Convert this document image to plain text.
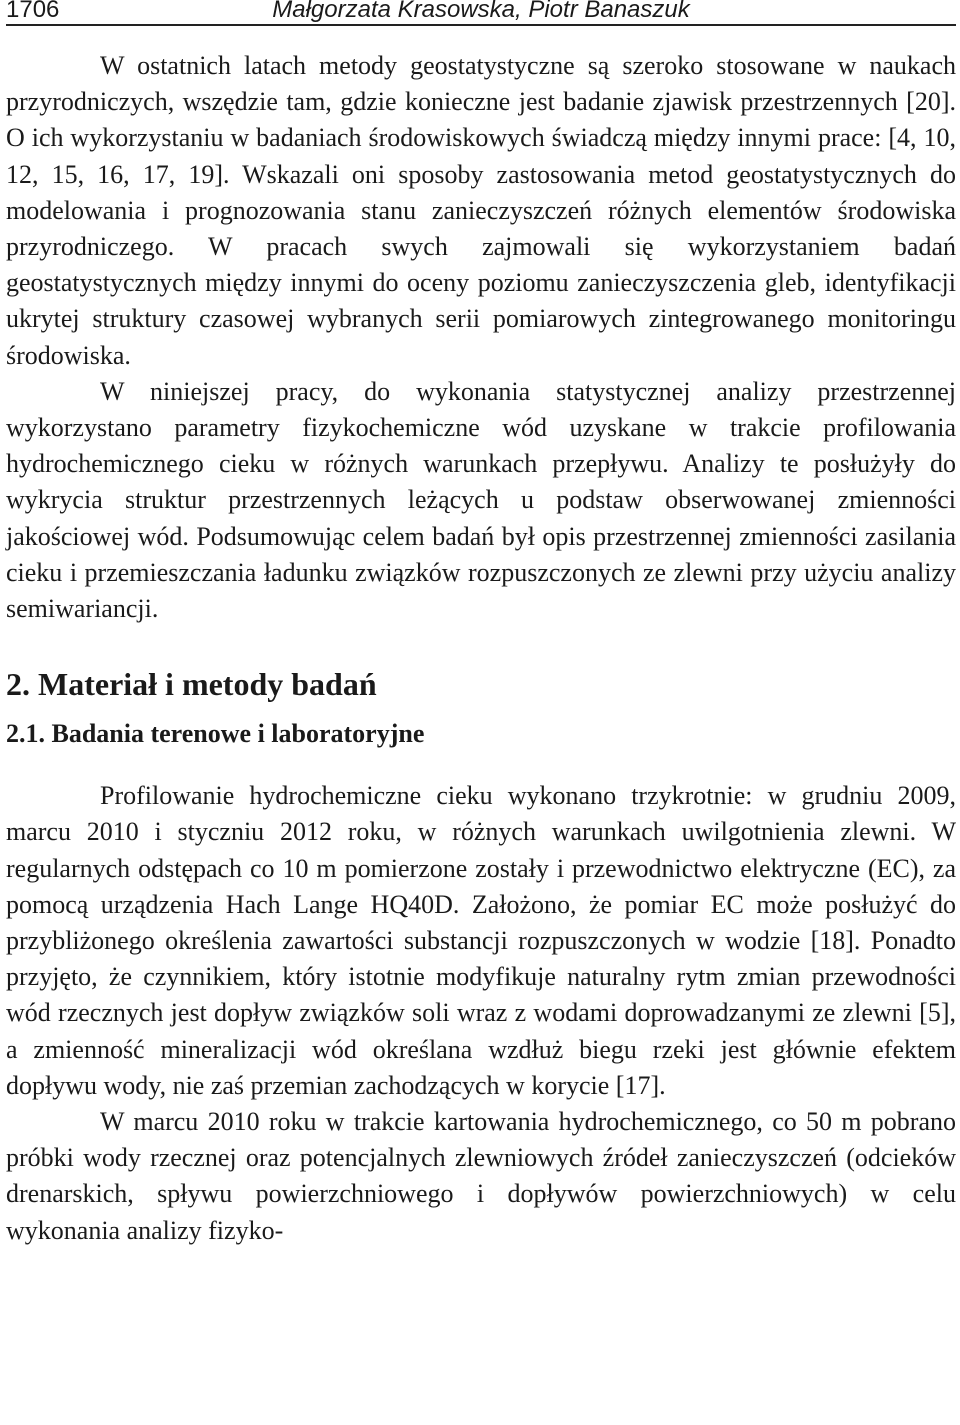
1706	Małgorzata Krasowska, Piotr Banaszuk

W ostatnich latach metody geostatystyczne są szeroko stosowane w naukach przyrodniczych, wszędzie tam, gdzie konieczne jest badanie zjawisk przestrzennych [20]. O ich wykorzystaniu w badaniach środowiskowych świadczą między innymi prace: [4, 10, 12, 15, 16, 17, 19]. Wskazali oni sposoby zastosowania metod geostatystycznych do modelowania i prognozowania stanu zanieczyszczeń różnych elementów środowiska przyrodniczego. W pracach swych zajmowali się wykorzystaniem badań geostatystycznych między innymi do oceny poziomu zanieczyszczenia gleb, identyfikacji ukrytej struktury czasowej wybranych serii pomiarowych zintegrowanego monitoringu środowiska.

W niniejszej pracy, do wykonania statystycznej analizy przestrzennej wykorzystano parametry fizykochemiczne wód uzyskane w trakcie profilowania hydrochemicznego cieku w różnych warunkach przepływu. Analizy te posłużyły do wykrycia struktur przestrzennych leżących u podstaw obserwowanej zmienności jakościowej wód. Podsumowując celem badań był opis przestrzennej zmienności zasilania cieku i przemieszczania ładunku związków rozpuszczonych ze zlewni przy użyciu analizy semiwariancji.

2. Materiał i metody badań
2.1. Badania terenowe i laboratoryjne

Profilowanie hydrochemiczne cieku wykonano trzykrotnie: w grudniu 2009, marcu 2010 i styczniu 2012 roku, w różnych warunkach uwilgotnienia zlewni. W regularnych odstępach co 10 m pomierzone zostały i przewodnictwo elektryczne (EC), za pomocą urządzenia Hach Lange HQ40D. Założono, że pomiar EC może posłużyć do przybliżonego określenia zawartości substancji rozpuszczonych w wodzie [18]. Ponadto przyjęto, że czynnikiem, który istotnie modyfikuje naturalny rytm zmian przewodności wód rzecznych jest dopływ związków soli wraz z wodami doprowadzanymi ze zlewni [5], a zmienność mineralizacji wód określana wzdłuż biegu rzeki jest głównie efektem dopływu wody, nie zaś przemian zachodzących w korycie [17].

W marcu 2010 roku w trakcie kartowania hydrochemicznego, co 50 m pobrano próbki wody rzecznej oraz potencjalnych zlewniowych źródeł zanieczyszczeń (odcieków drenarskich, spływu powierzchniowego i dopływów powierzchniowych) w celu wykonania analizy fizyko-
